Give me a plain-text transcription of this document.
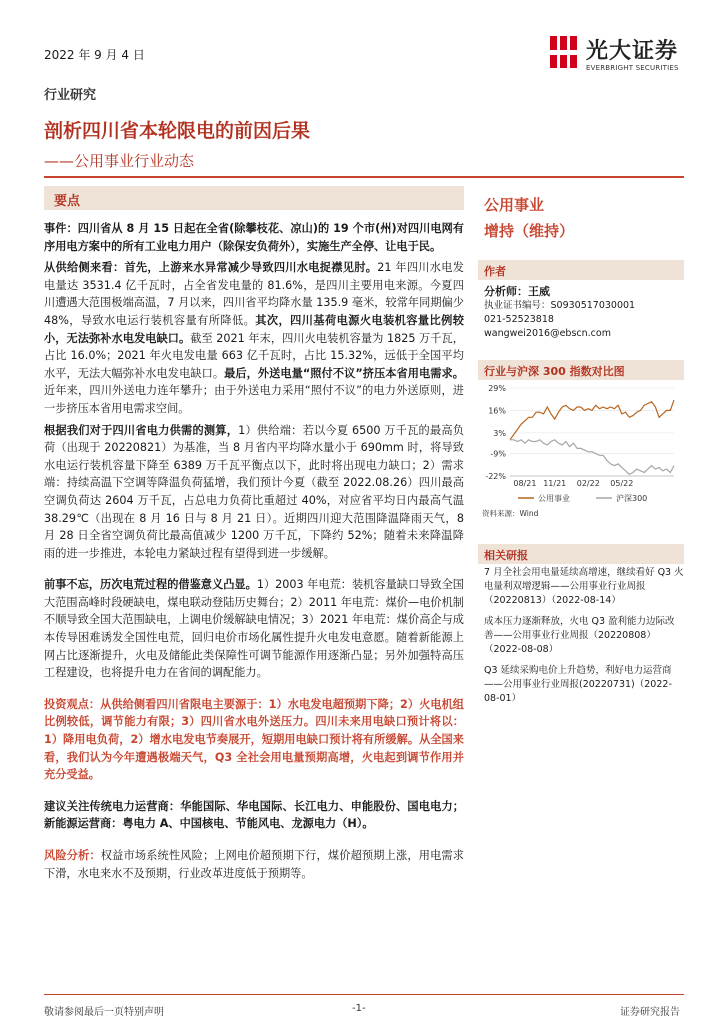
2022 年 9 月 4 日	光大证券
EVERBRIGHT SECURITIES
行业研究
剖析四川省本轮限电的前因后果
——公用事业行业动态
要点

事件：四川省从 8 月 15 日起在全省(除攀枝花、凉山)的 19 个市(州)对四川电网有序用电方案中的所有工业电力用户（除保安负荷外），实施生产全停、让电于民。

从供给侧来看：首先，上游来水异常减少导致四川水电捉襟见肘。21 年四川水电发电量达 3531.4 亿千瓦时，占全省发电量的 81.6%，是四川主要用电来源。今夏四川遭遇大范围极端高温，7 月以来，四川省平均降水量 135.9 毫米，较常年同期偏少 48%，导致水电运行装机容量有所降低。其次，四川基荷电源火电装机容量比例较小，无法弥补水电发电缺口。截至 2021 年末，四川火电装机容量为 1825 万千瓦，占比 16.0%；2021 年火电发电量 663 亿千瓦时，占比 15.32%，远低于全国平均水平，无法大幅弥补水电发电缺口。最后，外送电量“照付不议”挤压本省用电需求。近年来，四川外送电力连年攀升；由于外送电力采用“照付不议”的电力外送原则，进一步挤压本省用电需求空间。

根据我们对于四川省电力供需的测算，1）供给端：若以今夏 6500 万千瓦的最高负荷（出现于 20220821）为基准，当 8 月省内平均降水量小于 690mm 时，将导致水电运行装机容量下降至 6389 万千瓦平衡点以下，此时将出现电力缺口；2）需求端：持续高温下空调等降温负荷猛增，我们预计今夏（截至 2022.08.26）四川最高空调负荷达 2604 万千瓦，占总电力负荷比重超过 40%，对应省平均日内最高气温 38.29℃（出现在 8 月 16 日与 8 月 21 日）。近期四川迎大范围降温降雨天气，8 月 28 日全省空调负荷比最高值减少 1200 万千瓦，下降约 52%；随着未来降温降雨的进一步推进，本轮电力紧缺过程有望得到进一步缓解。

前事不忘，历次电荒过程的借鉴意义凸显。1）2003 年电荒：装机容量缺口导致全国大范围高峰时段硬缺电，煤电联动登陆历史舞台；2）2011 年电荒：煤价—电价机制不顺导致全国大范围缺电，上调电价缓解缺电情况；3）2021 年电荒：煤价高企与成本传导困难诱发全国性电荒，回归电价市场化属性提升火电发电意愿。随着新能源上网占比逐渐提升，火电及储能此类保障性可调节能源作用逐渐凸显；另外加强特高压工程建设，也将提升电力在省间的调配能力。

投资观点：从供给侧看四川省限电主要源于：1）水电发电超预期下降；2）火电机组比例较低，调节能力有限；3）四川省水电外送压力。四川未来用电缺口预计将以：1）降用电负荷，2）增水电发电节奏展开，短期用电缺口预计将有所缓解。从全国来看，我们认为今年遭遇极端天气，Q3 全社会用电量预期高增，火电起到调节作用并充分受益。

建议关注传统电力运营商：华能国际、华电国际、长江电力、申能股份、国电电力；新能源运营商：粤电力 A、中国核电、节能风电、龙源电力（H）。

风险分析：权益市场系统性风险；上网电价超预期下行，煤价超预期上涨，用电需求下滑，水电来水不及预期，行业改革进度低于预期等。

公用事业
增持（维持）
作者
分析师：王威
执业证书编号：S0930517030001
021-52523818
wangwei2016@ebscn.com
行业与沪深 300 指数对比图
29%
16%
3%
-9%
-22%
08/21 11/21 02/22 05/22
公用事业	沪深300
资料来源：Wind
相关研报

7 月全社会用电量延续高增速，继续看好 Q3 火电量利双增逻辑——公用事业行业周报（20220813）（2022-08-14）

成本压力逐渐释放，火电 Q3 盈利能力边际改善——公用事业行业周报（20220808）（2022-08-08）

Q3 延续采购电价上升趋势，利好电力运营商——公用事业行业周报(20220731)（2022-08-01）

敬请参阅最后一页特别声明	-1-	证券研究报告
